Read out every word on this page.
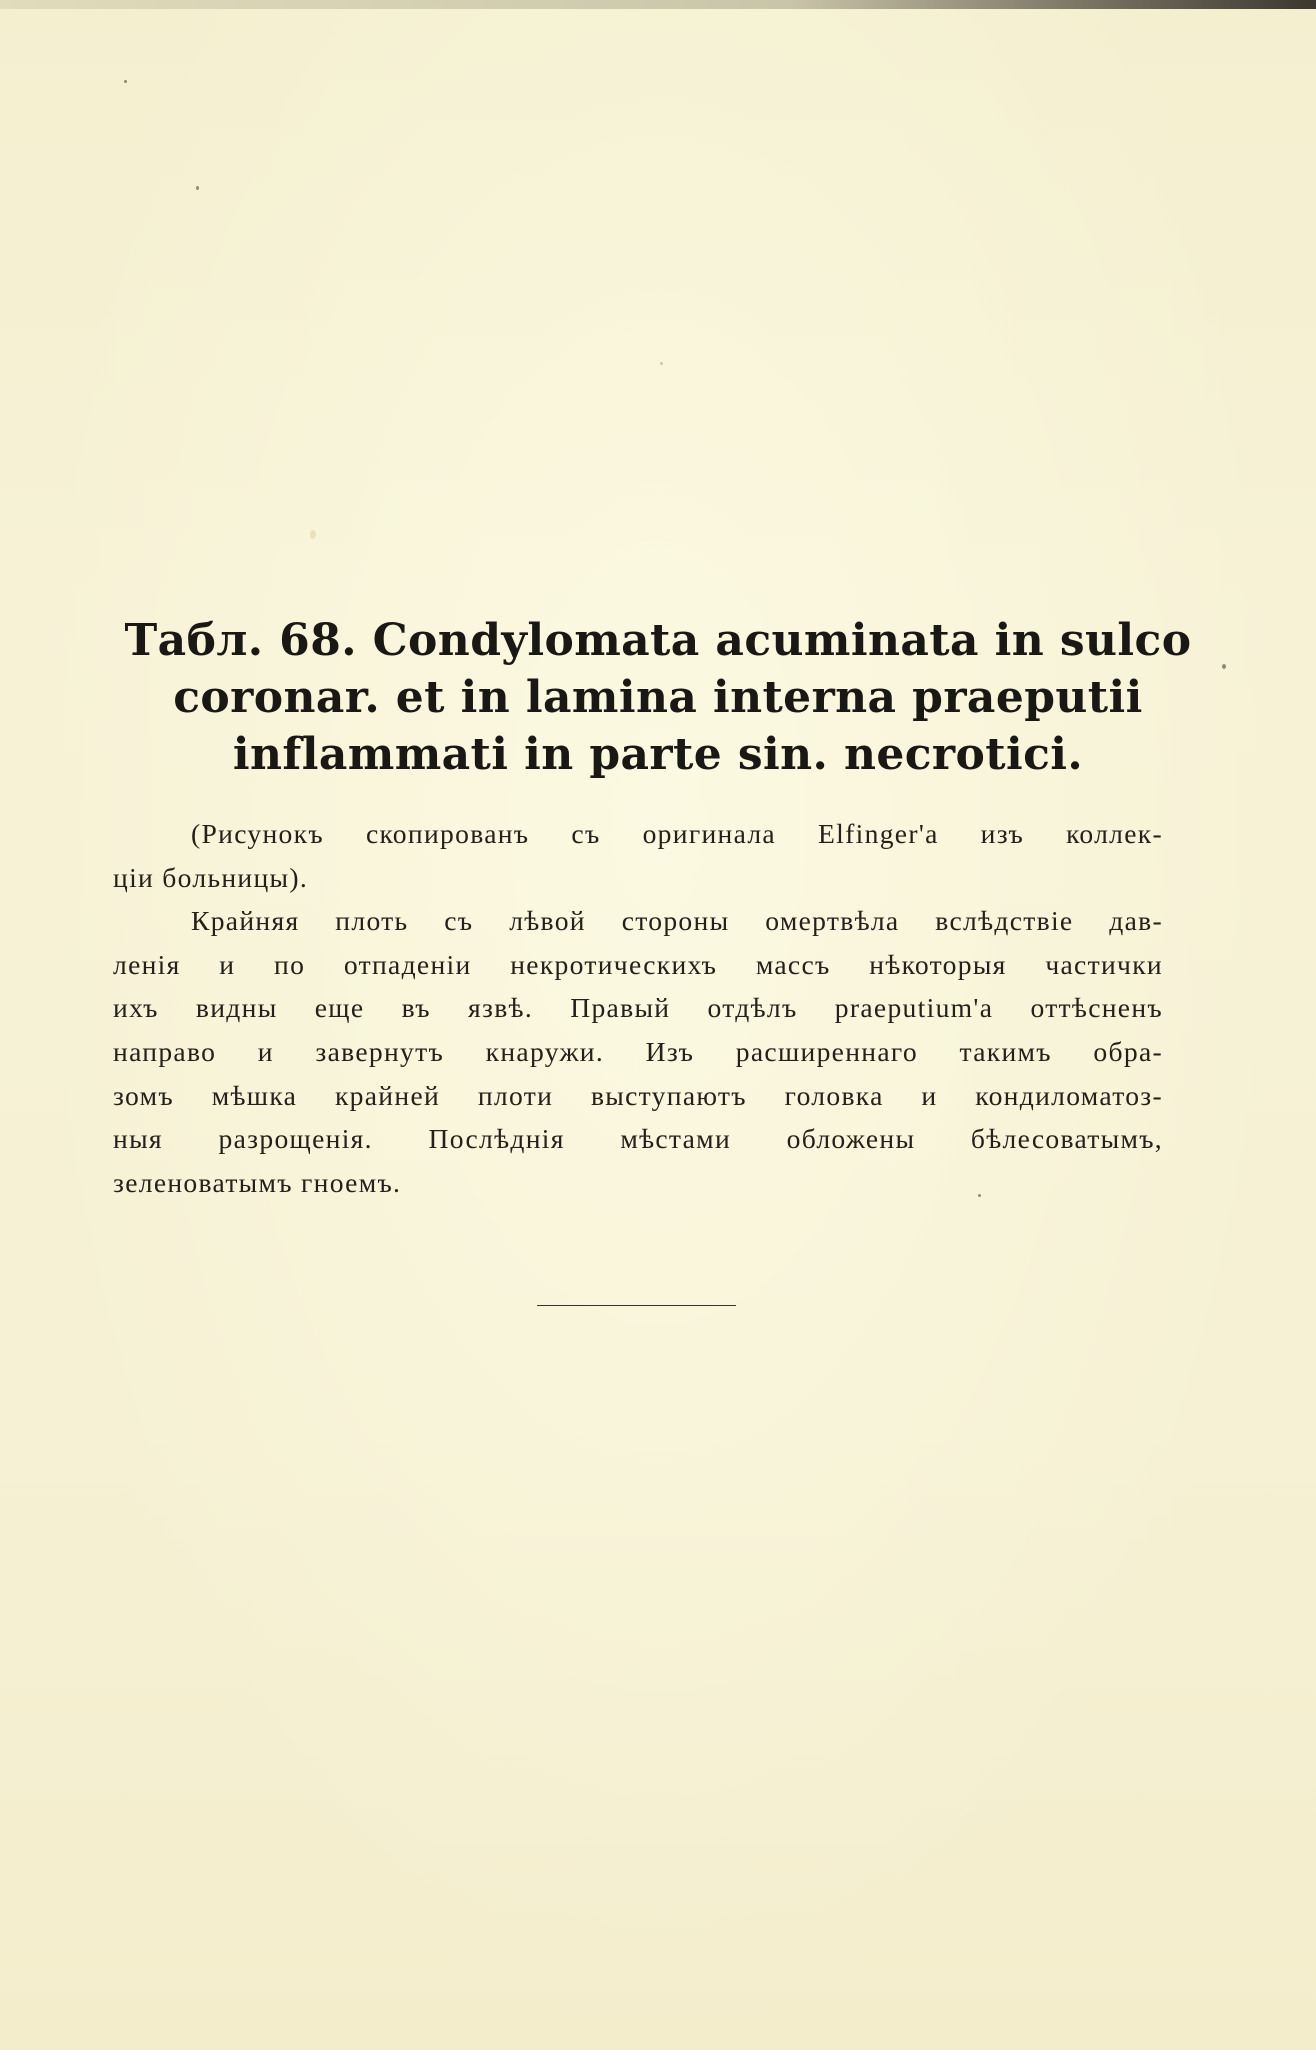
Табл. 68. Condylomata acuminata in sulco
coronar. et in lamina interna praeputii
inflammati in parte sin. necrotici.
(Рисунокъ скопированъ съ оригинала Elfinger'а изъ коллек-
ціи больницы).
Крайняя плоть съ лѣвой стороны омертвѣла вслѣдствіе дав-
ленія и по отпаденіи некротическихъ массъ нѣкоторыя частички
ихъ видны еще въ язвѣ. Правый отдѣлъ praeputium'а оттѣсненъ
направо и завернутъ кнаружи. Изъ расширеннаго такимъ обра-
зомъ мѣшка крайней плоти выступаютъ головка и кондиломатоз-
ныя разрощенія. Послѣднія мѣстами обложены бѣлесоватымъ,
зеленоватымъ гноемъ.
